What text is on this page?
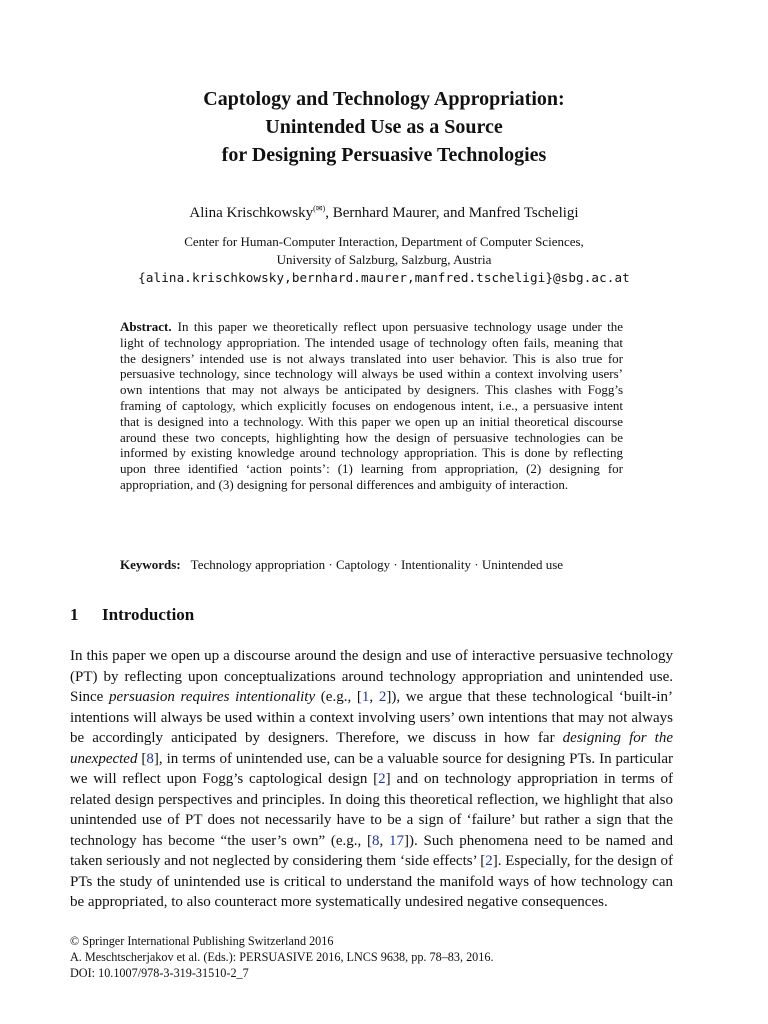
Captology and Technology Appropriation:
Unintended Use as a Source
for Designing Persuasive Technologies
Alina Krischkowsky(✉), Bernhard Maurer, and Manfred Tscheligi
Center for Human-Computer Interaction, Department of Computer Sciences,
University of Salzburg, Salzburg, Austria
{alina.krischkowsky,bernhard.maurer,manfred.tscheligi}@sbg.ac.at
Abstract. In this paper we theoretically reflect upon persuasive technology usage under the light of technology appropriation. The intended usage of technology often fails, meaning that the designers’ intended use is not always translated into user behavior. This is also true for persuasive technology, since technology will always be used within a context involving users’ own intentions that may not always be anticipated by designers. This clashes with Fogg’s framing of captology, which explicitly focuses on endogenous intent, i.e., a persuasive intent that is designed into a technology. With this paper we open up an initial theoretical discourse around these two concepts, highlighting how the design of persuasive technologies can be informed by existing knowledge around technology appropriation. This is done by reflecting upon three identified ‘action points’: (1) learning from appropriation, (2) designing for appropriation, and (3) designing for personal differences and ambiguity of interaction.
Keywords: Technology appropriation · Captology · Intentionality · Unintended use
1 Introduction
In this paper we open up a discourse around the design and use of interactive persuasive technology (PT) by reflecting upon conceptualizations around technology appropriation and unintended use. Since persuasion requires intentionality (e.g., [1, 2]), we argue that these technological ‘built-in’ intentions will always be used within a context involving users’ own intentions that may not always be accordingly anticipated by designers. Therefore, we discuss in how far designing for the unexpected [8], in terms of unintended use, can be a valuable source for designing PTs. In particular we will reflect upon Fogg’s captological design [2] and on technology appropriation in terms of related design perspectives and principles. In doing this theoretical reflection, we highlight that also unintended use of PT does not necessarily have to be a sign of ‘failure’ but rather a sign that the technology has become “the user’s own” (e.g., [8, 17]). Such phenomena need to be named and taken seriously and not neglected by considering them ‘side effects’ [2]. Especially, for the design of PTs the study of unintended use is critical to understand the manifold ways of how technology can be appropriated, to also counteract more systematically undesired negative consequences.
© Springer International Publishing Switzerland 2016
A. Meschtscherjakov et al. (Eds.): PERSUASIVE 2016, LNCS 9638, pp. 78–83, 2016.
DOI: 10.1007/978-3-319-31510-2_7
